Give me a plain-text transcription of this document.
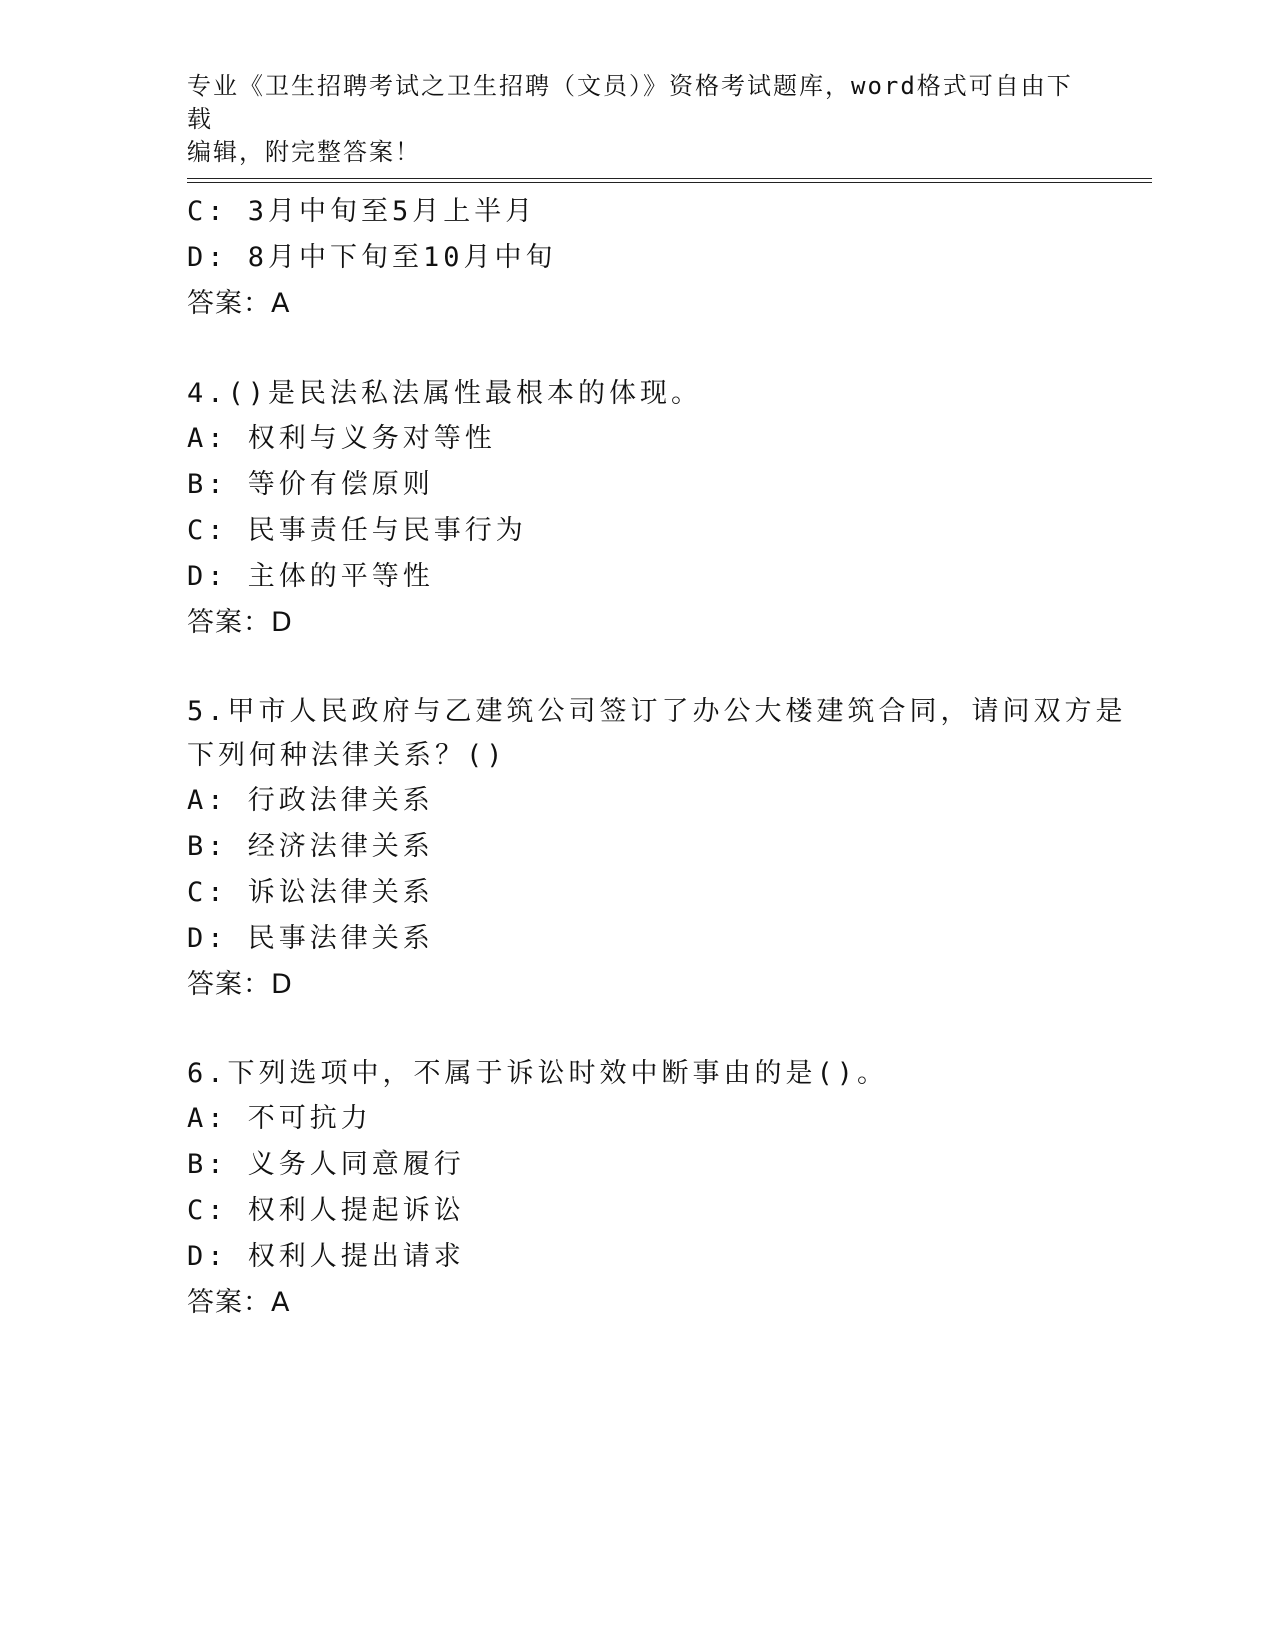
专业《卫生招聘考试之卫生招聘（文员）》资格考试题库，word格式可自由下载
编辑，附完整答案！
C: 3月中旬至5月上半月
D: 8月中下旬至10月中旬
答案：A
4.()是民法私法属性最根本的体现。
A: 权利与义务对等性
B: 等价有偿原则
C: 民事责任与民事行为
D: 主体的平等性
答案：D
5.甲市人民政府与乙建筑公司签订了办公大楼建筑合同，请问双方是下列何种法律关系？()
A: 行政法律关系
B: 经济法律关系
C: 诉讼法律关系
D: 民事法律关系
答案：D
6.下列选项中，不属于诉讼时效中断事由的是()。
A: 不可抗力
B: 义务人同意履行
C: 权利人提起诉讼
D: 权利人提出请求
答案：A
